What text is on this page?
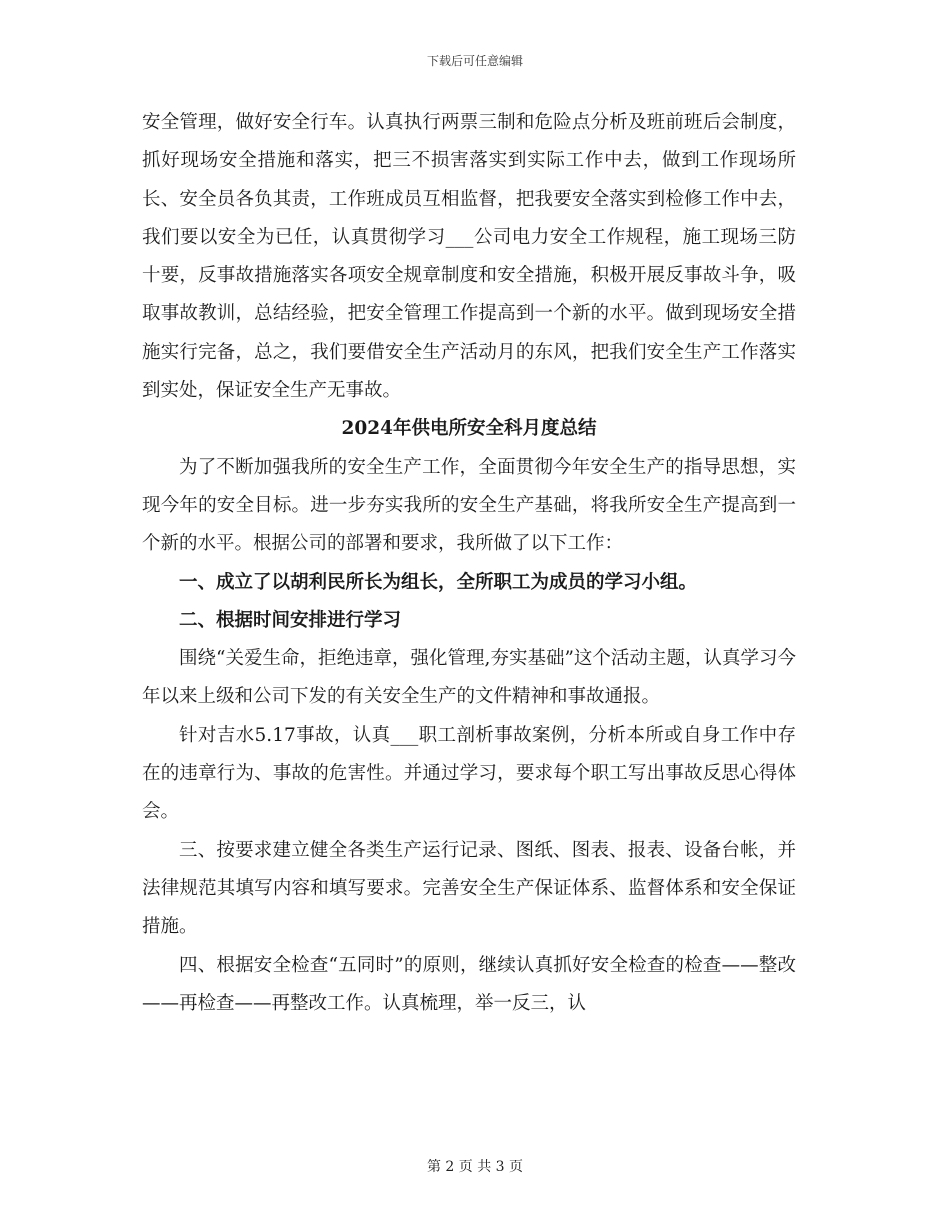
下载后可任意编辑

安全管理，做好安全行车。认真执行两票三制和危险点分析及班前班后会制度，抓好现场安全措施和落实，把三不损害落实到实际工作中去，做到工作现场所长、安全员各负其责，工作班成员互相监督，把我要安全落实到检修工作中去，我们要以安全为已任，认真贯彻学习___公司电力安全工作规程，施工现场三防十要，反事故措施落实各项安全规章制度和安全措施，积极开展反事故斗争，吸取事故教训，总结经验，把安全管理工作提高到一个新的水平。做到现场安全措施实行完备，总之，我们要借安全生产活动月的东风，把我们安全生产工作落实到实处，保证安全生产无事故。

2024年供电所安全科月度总结

为了不断加强我所的安全生产工作，全面贯彻今年安全生产的指导思想，实现今年的安全目标。进一步夯实我所的安全生产基础，将我所安全生产提高到一个新的水平。根据公司的部署和要求，我所做了以下工作：

一、成立了以胡利民所长为组长，全所职工为成员的学习小组。

二、根据时间安排进行学习

围绕“关爱生命，拒绝违章，强化管理,夯实基础”这个活动主题，认真学习今年以来上级和公司下发的有关安全生产的文件精神和事故通报。

针对吉水5.17事故，认真___职工剖析事故案例，分析本所或自身工作中存在的违章行为、事故的危害性。并通过学习，要求每个职工写出事故反思心得体会。

三、按要求建立健全各类生产运行记录、图纸、图表、报表、设备台帐，并法律规范其填写内容和填写要求。完善安全生产保证体系、监督体系和安全保证措施。

四、根据安全检查“五同时”的原则，继续认真抓好安全检查的检查——整改——再检查——再整改工作。认真梳理，举一反三，认

第 2 页 共 3 页
